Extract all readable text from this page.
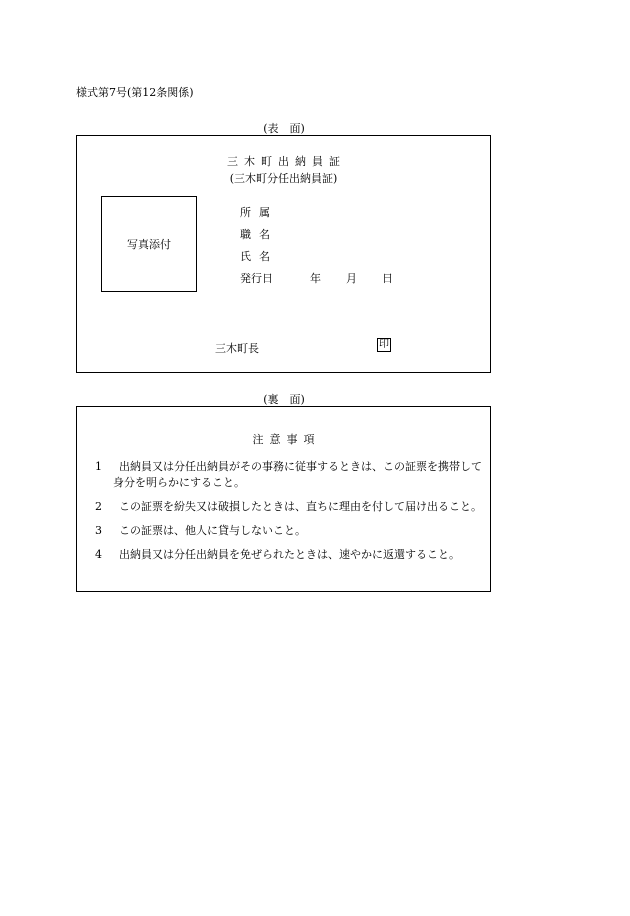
様式第7号(第12条関係)
(表　面)
三木町出納員証
(三木町分任出納員証)
写真添付
所属
職名
氏名
発行日	年 月 日
三木町長	印
(裏　面)
注意事項
1	出納員又は分任出納員がその事務に従事するときは、この証票を携帯して身分を明らかにすること。
2	この証票を紛失又は破損したときは、直ちに理由を付して届け出ること。
3	この証票は、他人に貸与しないこと。
4	出納員又は分任出納員を免ぜられたときは、速やかに返還すること。
